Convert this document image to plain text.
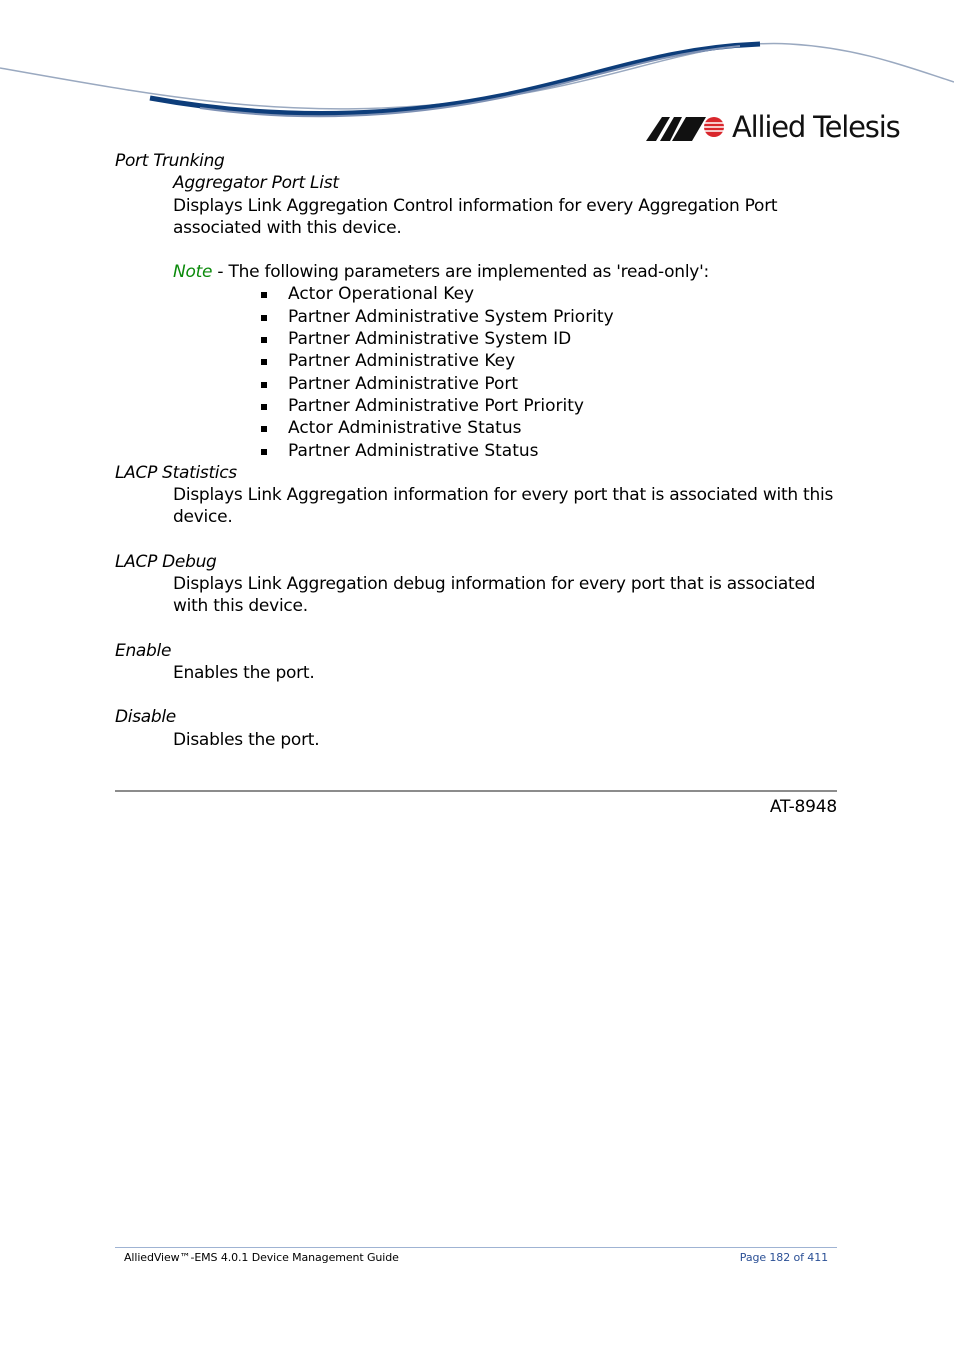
Allied Telesis
Port Trunking
Aggregator Port List
Displays Link Aggregation Control information for every Aggregation Port associated with this device.
Note - The following parameters are implemented as 'read-only':
Actor Operational Key
Partner Administrative System Priority
Partner Administrative System ID
Partner Administrative Key
Partner Administrative Port
Partner Administrative Port Priority
Actor Administrative Status
Partner Administrative Status
LACP Statistics
Displays Link Aggregation information for every port that is associated with this device.
LACP Debug
Displays Link Aggregation debug information for every port that is associated with this device.
Enable
Enables the port.
Disable
Disables the port.
AT-8948
AlliedView™-EMS 4.0.1 Device Management Guide	Page 182 of 411
